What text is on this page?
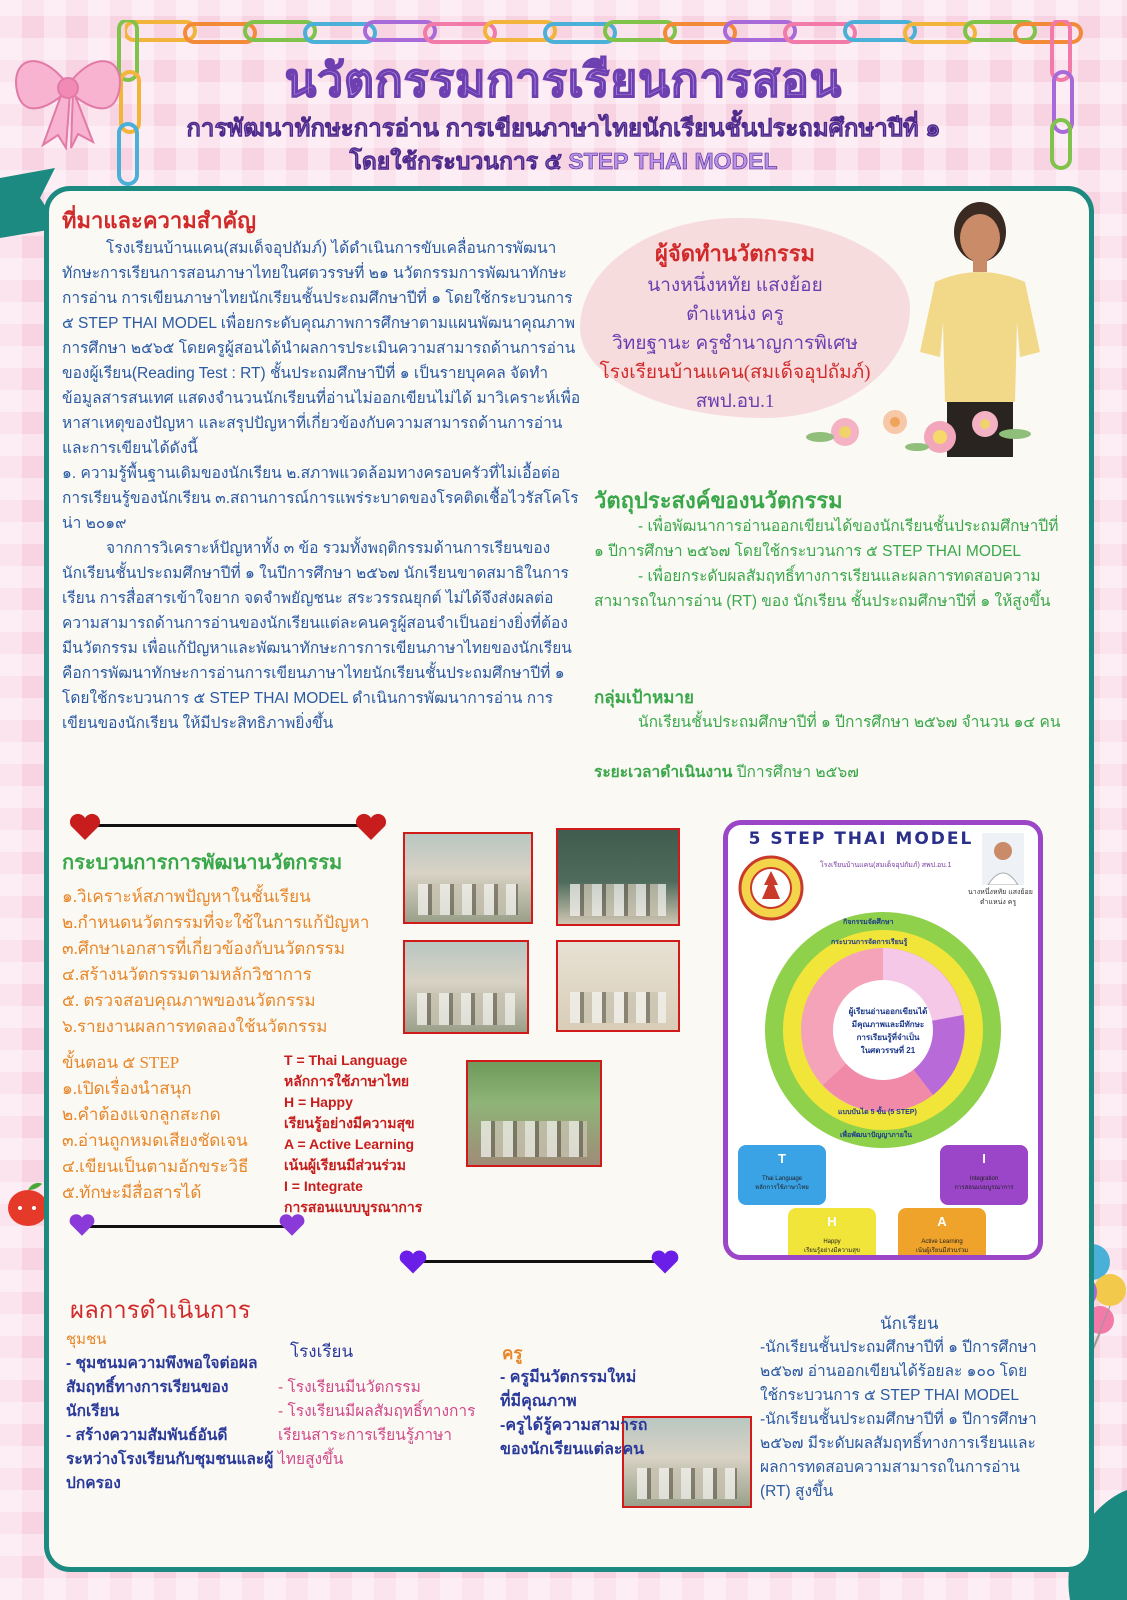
นวัตกรรมการเรียนการสอน
การพัฒนาทักษะการอ่าน การเขียนภาษาไทยนักเรียนชั้นประถมศึกษาปีที่ ๑
โดยใช้กระบวนการ ๕ STEP THAI MODEL
ที่มาและความสำคัญ

โรงเรียนบ้านแคน(สมเด็จอุปถัมภ์) ได้ดำเนินการขับเคลื่อนการพัฒนาทักษะการเรียนการสอนภาษาไทยในศตวรรษที่ ๒๑ นวัตกรรมการพัฒนาทักษะการอ่าน การเขียนภาษาไทยนักเรียนชั้นประถมศึกษาปีที่ ๑ โดยใช้กระบวนการ ๕ STEP THAI MODEL เพื่อยกระดับคุณภาพการศึกษาตามแผนพัฒนาคุณภาพการศึกษา ๒๕๖๕ โดยครูผู้สอนได้นำผลการประเมินความสามารถด้านการอ่านของผู้เรียน(Reading Test : RT) ชั้นประถมศึกษาปีที่ ๑ เป็นรายบุคคล จัดทำข้อมูลสารสนเทศ แสดงจำนวนนักเรียนที่อ่านไม่ออกเขียนไม่ได้ มาวิเคราะห์เพื่อหาสาเหตุของปัญหา และสรุปปัญหาที่เกี่ยวข้องกับความสามารถด้านการอ่านและการเขียนได้ดังนี้

๑. ความรู้พื้นฐานเดิมของนักเรียน ๒.สภาพแวดล้อมทางครอบครัวที่ไม่เอื้อต่อการเรียนรู้ของนักเรียน ๓.สถานการณ์การแพร่ระบาดของโรคติดเชื้อไวรัสโคโรน่า ๒๐๑๙

จากการวิเคราะห์ปัญหาทั้ง ๓ ข้อ รวมทั้งพฤติกรรมด้านการเรียนของนักเรียนชั้นประถมศึกษาปีที่ ๑ ในปีการศึกษา ๒๕๖๗ นักเรียนขาดสมาธิในการเรียน การสื่อสารเข้าใจยาก จดจำพยัญชนะ สระวรรณยุกต์ ไม่ได้จึงส่งผลต่อความสามารถด้านการอ่านของนักเรียนแต่ละคนครูผู้สอนจำเป็นอย่างยิ่งที่ต้องมีนวัตกรรม เพื่อแก้ปัญหาและพัฒนาทักษะการการเขียนภาษาไทยของนักเรียน คือการพัฒนาทักษะการอ่านการเขียนภาษาไทยนักเรียนชั้นประถมศึกษาปีที่ ๑ โดยใช้กระบวนการ ๕ STEP THAI MODEL ดำเนินการพัฒนาการอ่าน การเขียนของนักเรียน ให้มีประสิทธิภาพยิ่งขึ้น

ผู้จัดทำนวัตกรรม
นางหนึ่งหทัย แสงย้อย
ตำแหน่ง ครู
วิทยฐานะ ครูชำนาญการพิเศษ
โรงเรียนบ้านแคน(สมเด็จอุปถัมภ์)
สพป.อบ.1
วัตถุประสงค์ของนวัตกรรม

- เพื่อพัฒนาการอ่านออกเขียนได้ของนักเรียนชั้นประถมศึกษาปีที่ ๑ ปีการศึกษา ๒๕๖๗ โดยใช้กระบวนการ ๕ STEP THAI MODEL

- เพื่อยกระดับผลสัมฤทธิ์ทางการเรียนและผลการทดสอบความสามารถในการอ่าน (RT) ของ นักเรียน ชั้นประถมศึกษาปีที่ ๑ ให้สูงขึ้น

กลุ่มเป้าหมาย
นักเรียนชั้นประถมศึกษาปีที่ ๑ ปีการศึกษา ๒๕๖๗ จำนวน ๑๔ คน
ระยะเวลาดำเนินงาน ปีการศึกษา ๒๕๖๗
กระบวนการการพัฒนานวัตกรรม
๑.วิเคราะห์สภาพปัญหาในชั้นเรียน
๒.กำหนดนวัตกรรมที่จะใช้ในการแก้ปัญหา
๓.ศึกษาเอกสารที่เกี่ยวข้องกับนวัตกรรม
๔.สร้างนวัตกรรมตามหลักวิชาการ
๕. ตรวจสอบคุณภาพของนวัตกรรม
๖.รายงานผลการทดลองใช้นวัตกรรม
ขั้นตอน ๕ STEP
๑.เปิดเรื่องนำสนุก
๒.คำต้องแจกลูกสะกด
๓.อ่านถูกหมดเสียงชัดเจน
๔.เขียนเป็นตามอักขระวิธี
๕.ทักษะมีสื่อสารได้
T = Thai Language
หลักการใช้ภาษาไทย
H = Happy
เรียนรู้อย่างมีความสุข
A = Active Learning
เน้นผู้เรียนมีส่วนร่วม
I = Integrate
การสอนแบบบูรณาการ
5 STEP THAI MODEL
โรงเรียนบ้านแคน(สมเด็จอุปถัมภ์) สพป.อบ.1
นางหนึ่งหทัย แสงย้อย
ตำแหน่ง ครู
กิจกรรมจัดศึกษา
กระบวนการจัดการเรียนรู้
ผู้เรียนอ่านออกเขียนได้
มีคุณภาพและมีทักษะ
การเรียนรู้ที่จำเป็น
ในศตวรรษที่ 21
แบบบันได 5 ขั้น (5 STEP)
เพื่อพัฒนาปัญญาภายใน
T
Thai Language
หลักการใช้ภาษาไทย
I
Integration
การสอนแบบบูรณาการ
H
Happy
เรียนรู้อย่างมีความสุข
A
Active Learning
เน้นผู้เรียนมีส่วนร่วม
ผลการดำเนินการ
ชุมชน
- ชุมชนมความพึงพอใจต่อผลสัมฤทธิ์ทางการเรียนของนักเรียน
- สร้างความสัมพันธ์อันดีระหว่างโรงเรียนกับชุมชนและผู้ปกครอง
โรงเรียน
- โรงเรียนมีนวัตกรรม
- โรงเรียนมีผลสัมฤทธิ์ทางการเรียนสาระการเรียนรู้ภาษาไทยสูงขึ้น
ครู
- ครูมีนวัตกรรมใหม่ ที่มีคุณภาพ
-ครูได้รู้ความสามารถของนักเรียนแต่ละคน
นักเรียน
-นักเรียนชั้นประถมศึกษาปีที่ ๑ ปีการศึกษา ๒๕๖๗ อ่านออกเขียนได้ร้อยละ ๑๐๐ โดยใช้กระบวนการ ๕ STEP THAI MODEL
-นักเรียนชั้นประถมศึกษาปีที่ ๑ ปีการศึกษา ๒๕๖๗ มีระดับผลสัมฤทธิ์ทางการเรียนและผลการทดสอบความสามารถในการอ่าน (RT) สูงขึ้น
